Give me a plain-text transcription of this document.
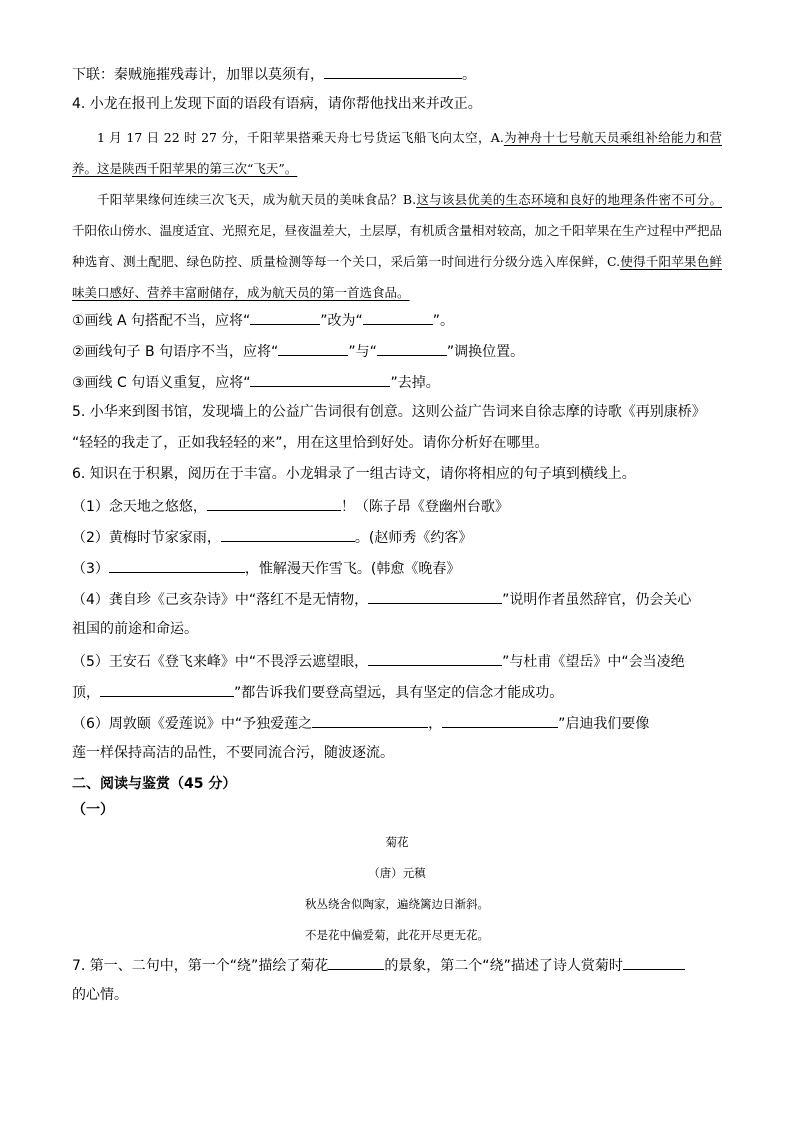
下联：秦贼施摧残毒计，加罪以莫须有，	。
4. 小龙在报刊上发现下面的语段有语病，请你帮他找出来并改正。

1 月 17 日 22 时 27 分，千阳苹果搭乘天舟七号货运飞船飞向太空，A.为神舟十七号航天员乘组补给能力和营养。这是陕西千阳苹果的第三次“飞天”。

千阳苹果缘何连续三次飞天，成为航天员的美味食品？B.这与该县优美的生态环境和良好的地理条件密不可分。千阳依山傍水、温度适宜、光照充足，昼夜温差大，土层厚，有机质含量相对较高，加之千阳苹果在生产过程中严把品种选育、测土配肥、绿色防控、质量检测等每一个关口，采后第一时间进行分级分选入库保鲜，C.使得千阳苹果色鲜味美口感好、营养丰富耐储存，成为航天员的第一首选食品。

①画线 A 句搭配不当，应将“	”改为“	”。
②画线句子 B 句语序不当，应将“	”与“	”调换位置。
③画线 C 句语义重复，应将“	”去掉。
5. 小华来到图书馆，发现墙上的公益广告词很有创意。这则公益广告词来自徐志摩的诗歌《再别康桥》
“轻轻的我走了，正如我轻轻的来”，用在这里恰到好处。请你分析好在哪里。
6. 知识在于积累，阅历在于丰富。小龙辑录了一组古诗文，请你将相应的句子填到横线上。
（1）念天地之悠悠，	！（陈子昂《登幽州台歌》
（2）黄梅时节家家雨，	。(赵师秀《约客》
（3）	，惟解漫天作雪飞。(韩愈《晚春》
（4）龚自珍《己亥杂诗》中“落红不是无情物，	”说明作者虽然辞官，仍会关心
祖国的前途和命运。
（5）王安石《登飞来峰》中“不畏浮云遮望眼，	”与杜甫《望岳》中“会当凌绝
顶，	”都告诉我们要登高望远，具有坚定的信念才能成功。
（6）周敦颐《爱莲说》中“予独爱莲之	，	”启迪我们要像
莲一样保持高洁的品性，不要同流合污，随波逐流。
二、阅读与鉴赏（45 分）
（一）
菊花
（唐）元稹
秋丛绕舍似陶家，遍绕篱边日渐斜。
不是花中偏爱菊，此花开尽更无花。
7. 第一、二句中，第一个“绕”描绘了菊花	的景象，第二个“绕”描述了诗人赏菊时
的心情。
